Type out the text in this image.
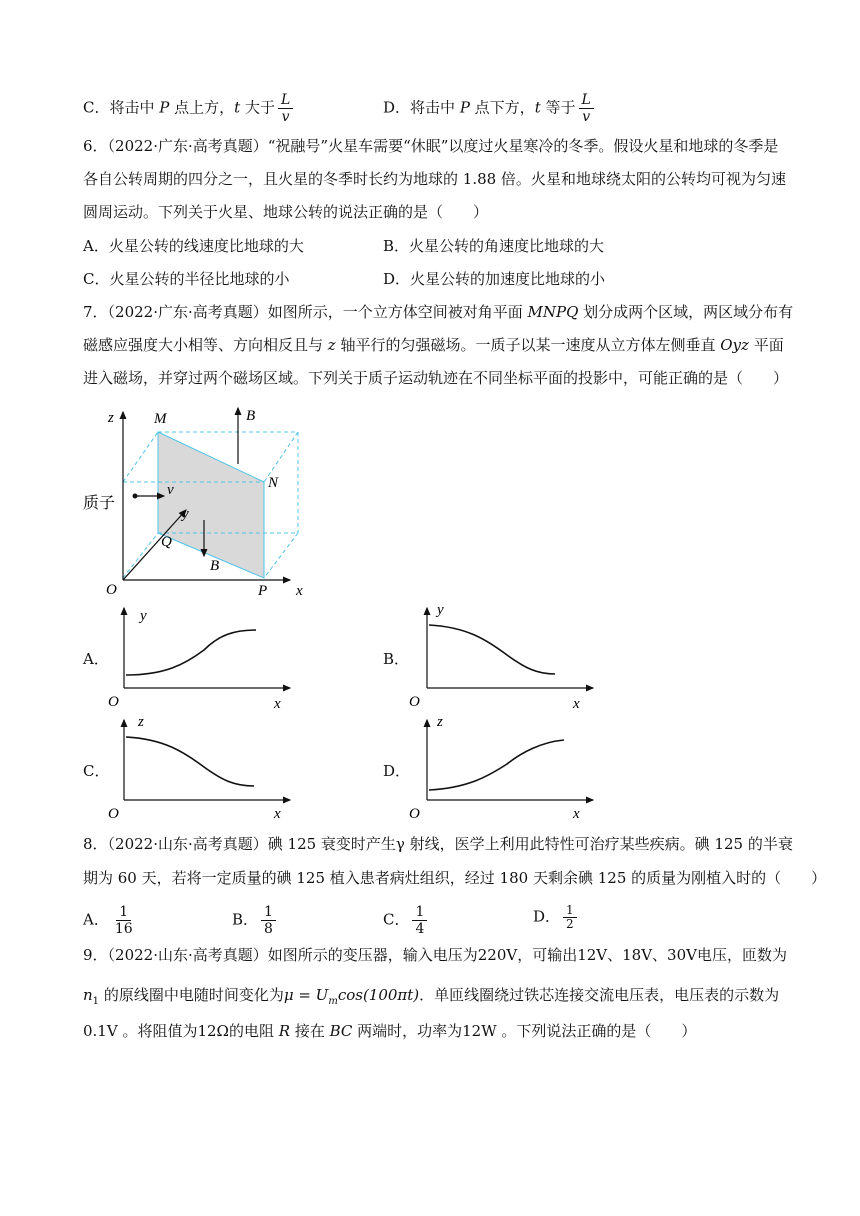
C．将击中 P 点上方，t 大于 $\frac{L}{v}$	D．将击中 P 点下方，t 等于 $\frac{L}{v}$
6．（2022·广东·高考真题）“祝融号”火星车需要“休眠”以度过火星寒冷的冬季。假设火星和地球的冬季是
各自公转周期的四分之一，且火星的冬季时长约为地球的 1.88 倍。火星和地球绕太阳的公转均可视为匀速
圆周运动。下列关于火星、地球公转的说法正确的是（　　）
A．火星公转的线速度比地球的大	B．火星公转的角速度比地球的大
C．火星公转的半径比地球的小	D．火星公转的加速度比地球的小
7．（2022·广东·高考真题）如图所示，一个立方体空间被对角平面 MNPQ 划分成两个区域，两区域分布有
磁感应强度大小相等、方向相反且与 z 轴平行的匀强磁场。一质子以某一速度从立方体左侧垂直 Oyz 平面
进入磁场，并穿过两个磁场区域。下列关于质子运动轨迹在不同坐标平面的投影中，可能正确的是（　　）
z	M	B
N
质子
v
y
Q
B
O	P x
A．
y
O	x
B．
y
O	x
C．
z
O	x
D．
z
O	x
8．（2022·山东·高考真题）碘 125 衰变时产生γ 射线，医学上利用此特性可治疗某些疾病。碘 125 的半衰
期为 60 天，若将一定质量的碘 125 植入患者病灶组织，经过 180 天剩余碘 125 的质量为刚植入时的（　　）
A． $\frac{1}{16}$	B． $\frac{1}{8}$	C． $\frac{1}{4}$	D． $\frac{1}{2}$
9．（2022·山东·高考真题）如图所示的变压器，输入电压为220V，可输出12V、18V、30V电压，匝数为
$n_1$ 的原线圈中电随时间变化为$\mu = U_m\cos(100\pi t)$．单匝线圈绕过铁芯连接交流电压表，电压表的示数为
0.1V 。将阻值为12Ω的电阻 R 接在 BC 两端时，功率为12W 。下列说法正确的是（　　）
